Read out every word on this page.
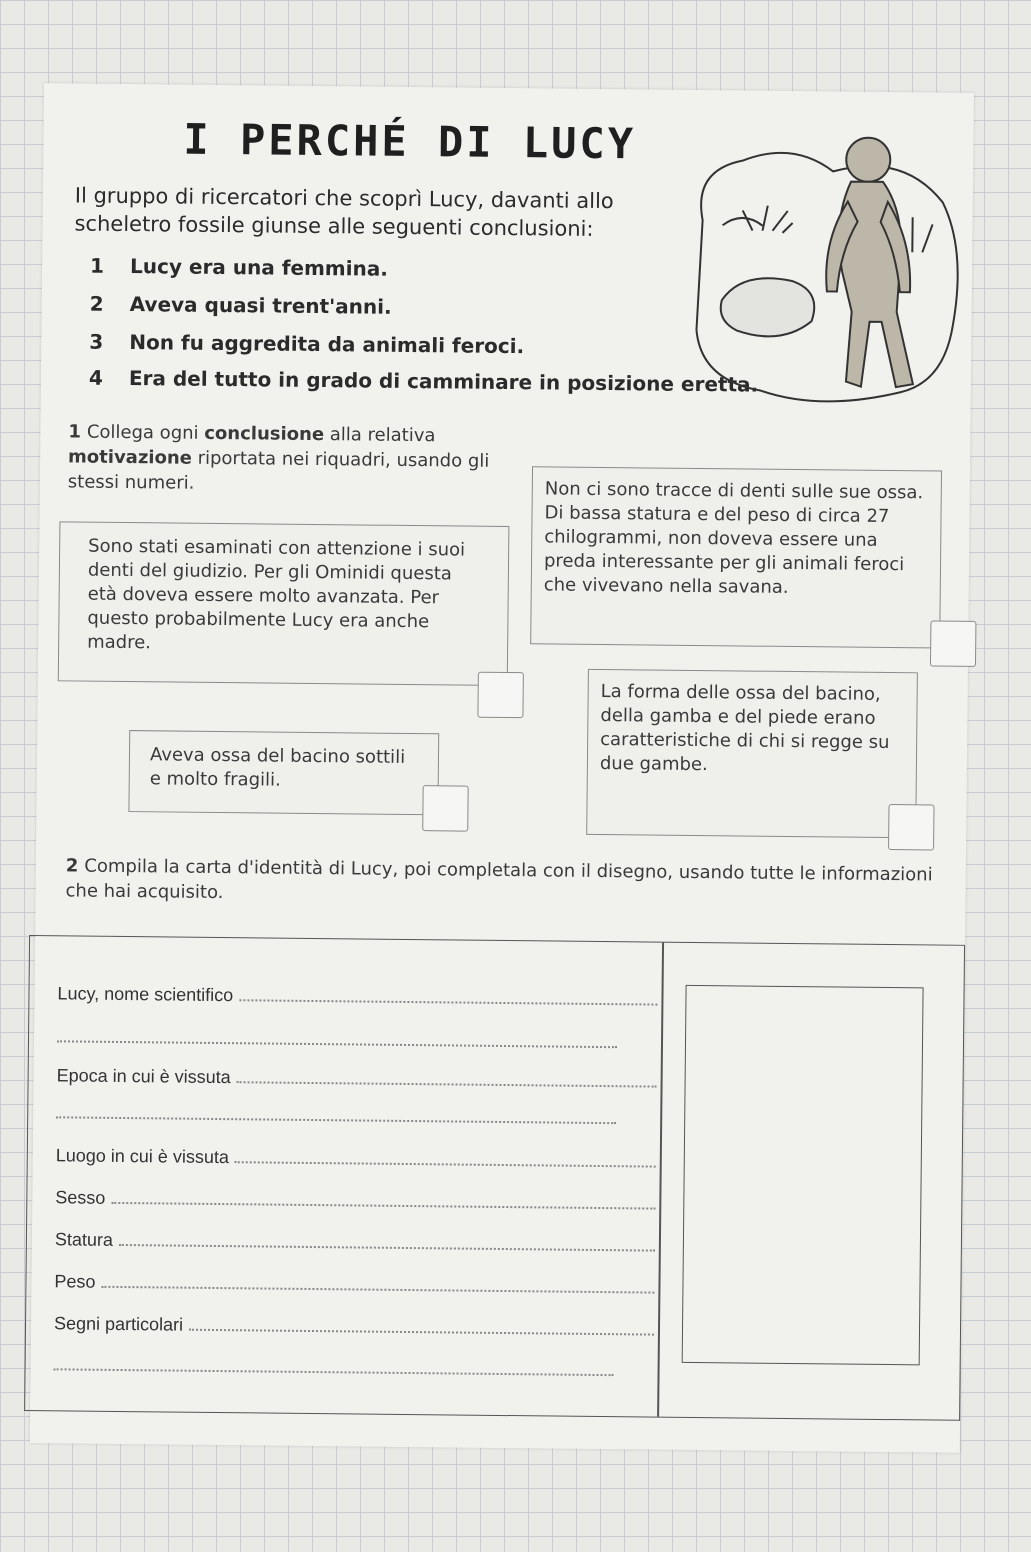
I PERCHÉ DI LUCY
Il gruppo di ricercatori che scoprì Lucy, davanti allo scheletro fossile giunse alle seguenti conclusioni:
1 Lucy era una femmina.
2 Aveva quasi trent'anni.
3 Non fu aggredita da animali feroci.
4 Era del tutto in grado di camminare in posizione eretta.
1 Collega ogni conclusione alla relativa motivazione riportata nei riquadri, usando gli stessi numeri.
Sono stati esaminati con attenzione i suoi denti del giudizio. Per gli Ominidi questa età doveva essere molto avanzata. Per questo probabilmente Lucy era anche madre.
Non ci sono tracce di denti sulle sue ossa. Di bassa statura e del peso di circa 27 chilogrammi, non doveva essere una preda interessante per gli animali feroci che vivevano nella savana.
La forma delle ossa del bacino, della gamba e del piede erano caratteristiche di chi si regge su due gambe.
Aveva ossa del bacino sottili e molto fragili.
2 Compila la carta d'identità di Lucy, poi completala con il disegno, usando tutte le informazioni che hai acquisito.
Lucy, nome scientifico
Epoca in cui è vissuta
Luogo in cui è vissuta
Sesso
Statura
Peso
Segni particolari
